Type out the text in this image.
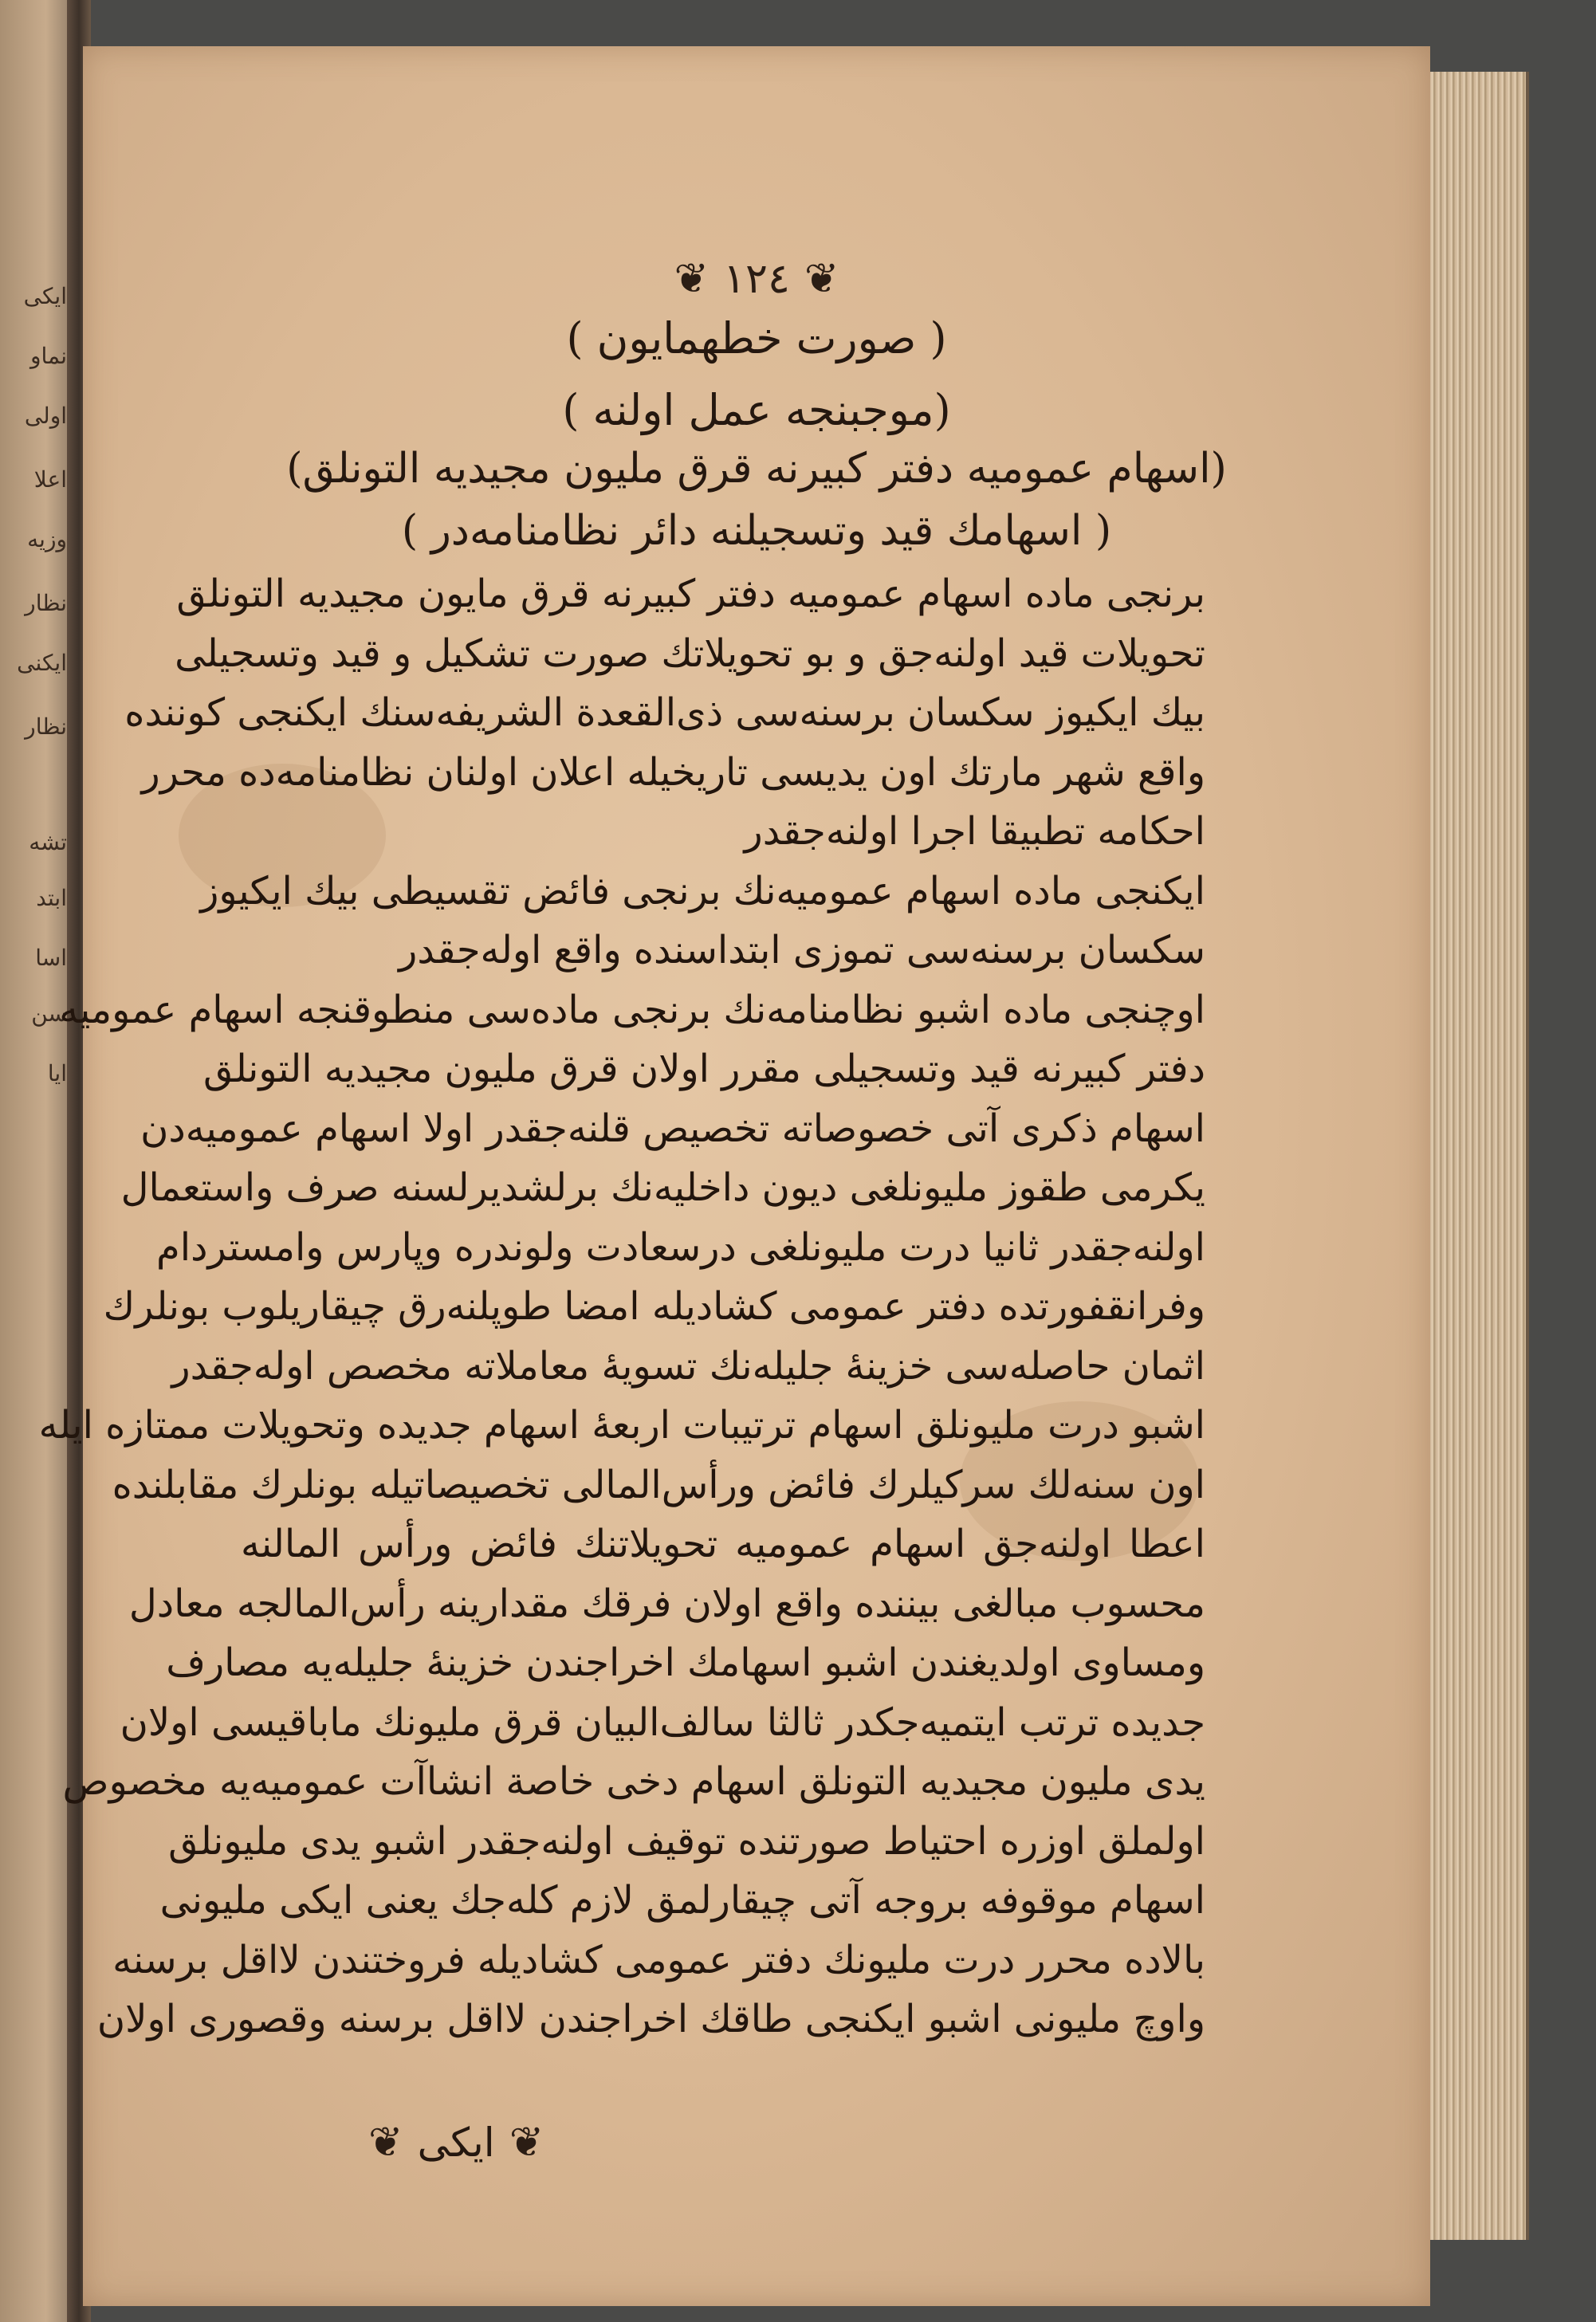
ایکی
نماو
اولی
اعلا
وزیه
نظار
ایکنی
نظار
تشه
ابتد
اسا
سن
ایا
❦١٢٤❦
( صورت خطهمایون )
(موجبنجه عمل اولنه )
(اسهام عمومیه دفتر کبیرنه قرق ملیون مجیدیه التونلق)
( اسهامك قید وتسجیلنه دائر نظامنامه‌در )
برنجی ماده اسهام عمومیه دفتر کبیرنه قرق مایون مجیدیه التونلق
تحویلات قید اولنه‌جق و بو تحویلاتك صورت تشکیل و قید وتسجیلی
بیك ایکیوز سکسان برسنه‌سی ذی‌القعدة الشریفه‌سنك ایکنجی کوننده
واقع شهر مارتك اون یدیسی تاریخیله اعلان اولنان نظامنامه‌ده محرر
احکامه تطبیقا اجرا اولنه‌جقدر
ایکنجی ماده اسهام عمومیه‌نك برنجی فائض تقسیطی بیك ایکیوز
سکسان برسنه‌سی تموزی ابتداسنده واقع اوله‌جقدر
اوچنجی ماده اشبو نظامنامه‌نك برنجی ماده‌سی منطوقنجه اسهام عمومیه
دفتر کبیرنه قید وتسجیلی مقرر اولان قرق ملیون مجیدیه التونلق
اسهام ذکری آتی خصوصاته تخصیص قلنه‌جقدر اولا اسهام عمومیه‌دن
یکرمی طقوز ملیونلغی دیون داخلیه‌نك برلشدیرلسنه صرف واستعمال
اولنه‌جقدر ثانیا درت ملیونلغی درسعادت ولوندره وپارس وامستردام
وفرانقفورتده دفتر عمومی کشادیله امضا طوپلنه‌رق چیقاریلوب بونلرك
اثمان حاصله‌سی خزینهٔ جلیله‌نك تسویهٔ معاملاته مخصص اوله‌جقدر
اشبو درت ملیونلق اسهام ترتیبات اربعهٔ اسهام جدیده وتحویلات ممتازه ایله
اون سنه‌لك سرکیلرك فائض ورأس‌المالی تخصیصاتیله بونلرك مقابلنده
اعطا اولنه‌جق اسهام عمومیه تحویلاتنك فائض ورأس المالنه
محسوب مبالغی بیننده واقع اولان فرقك مقدارینه رأس‌المالجه معادل
ومساوی اولدیغندن اشبو اسهامك اخراجندن خزینهٔ جلیله‌یه مصارف
جدیده ترتب ایتمیه‌جکدر ثالثا سالف‌البیان قرق ملیونك ماباقیسی اولان
یدی ملیون مجیدیه التونلق اسهام دخی خاصة انشاآت عمومیه‌یه مخصوص
اولملق اوزره احتیاط صورتنده توقیف اولنه‌جقدر اشبو یدی ملیونلق
اسهام موقوفه بروجه آتی چیقارلمق لازم کله‌جك یعنی ایکی ملیونی
بالاده محرر درت ملیونك دفتر عمومی کشادیله فروختندن لااقل برسنه
واوچ ملیونی اشبو ایکنجی طاقك اخراجندن لااقل برسنه وقصوری اولان
❦ایکی❦
